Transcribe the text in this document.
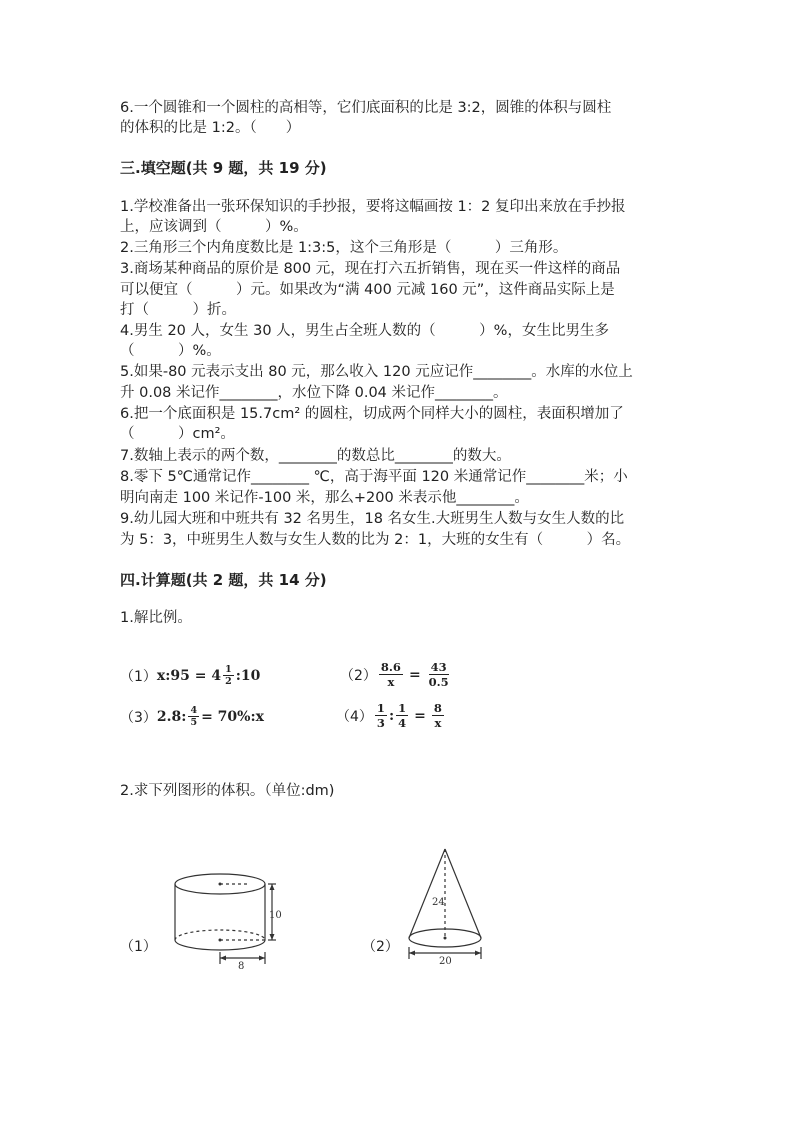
6.一个圆锥和一个圆柱的高相等，它们底面积的比是 3:2，圆锥的体积与圆柱
的体积的比是 1:2。（　　）
三.填空题(共 9 题，共 19 分)
1.学校准备出一张环保知识的手抄报，要将这幅画按 1：2 复印出来放在手抄报
上，应该调到（　　　）%。
2.三角形三个内角度数比是 1:3:5，这个三角形是（　　　）三角形。
3.商场某种商品的原价是 800 元，现在打六五折销售，现在买一件这样的商品
可以便宜（　　　）元。如果改为“满 400 元减 160 元”，这件商品实际上是
打（　　　）折。
4.男生 20 人，女生 30 人，男生占全班人数的（　　　）%，女生比男生多
（　　　）%。
5.如果-80 元表示支出 80 元，那么收入 120 元应记作________。水库的水位上
升 0.08 米记作________，水位下降 0.04 米记作________。
6.把一个底面积是 15.7cm² 的圆柱，切成两个同样大小的圆柱，表面积增加了
（　　　）cm²。
7.数轴上表示的两个数，________的数总比________的数大。
8.零下 5℃通常记作________ ℃，高于海平面 120 米通常记作________米；小
明向南走 100 米记作-100 米，那么+200 米表示他________。
9.幼儿园大班和中班共有 32 名男生，18 名女生.大班男生人数与女生人数的比
为 5：3，中班男生人数与女生人数的比为 2：1，大班的女生有（　　　）名。
四.计算题(共 2 题，共 14 分)
1.解比例。
（1） x:95 = $4 \frac{1}{2}$ :10	$(2) \frac{8.6}{x} = \frac{43}{0.5}$
（3） 2.8: $\frac{4}{5}$ = 70%:x	$(4) \frac{1}{3}$ : $\frac{1}{4} = \frac{8}{x}$
2.求下列图形的体积。（单位:dm)
（1）
10
8
（2）
24
20
